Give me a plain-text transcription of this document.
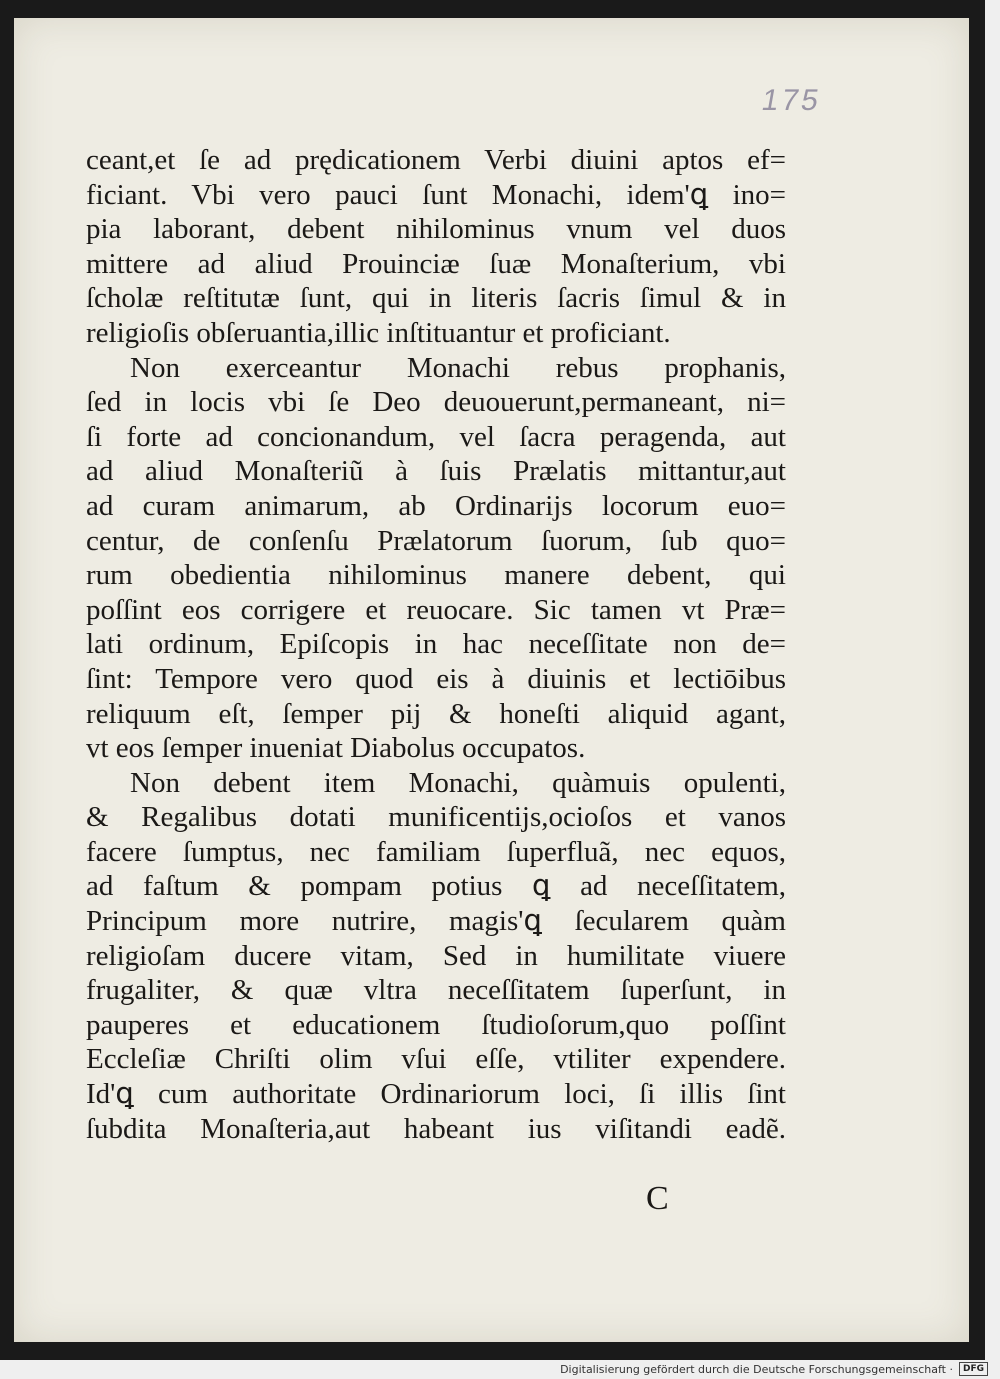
175
ceant,et ſe ad prędicationem Verbi diuini aptos ef=
ficiant. Vbi vero pauci ſunt Monachi, idem'ꝗ ino=
pia laborant, debent nihilominus vnum vel duos
mittere ad aliud Prouinciæ ſuæ Monaſterium, vbi
ſcholæ reſtitutæ ſunt, qui in literis ſacris ſimul & in
religioſis obſeruantia,illic inſtituantur et proficiant.
Non exerceantur Monachi rebus prophanis,
ſed in locis vbi ſe Deo deuouerunt,permaneant, ni=
ſi forte ad concionandum, vel ſacra peragenda, aut
ad aliud Monaſteriũ à ſuis Prælatis mittantur,aut
ad curam animarum, ab Ordinarijs locorum euo=
centur, de conſenſu Prælatorum ſuorum, ſub quo=
rum obedientia nihilominus manere debent, qui
poſſint eos corrigere et reuocare. Sic tamen vt Præ=
lati ordinum, Epiſcopis in hac neceſſitate non de=
ſint: Tempore vero quod eis à diuinis et lectiōibus
reliquum eſt, ſemper pij & honeſti aliquid agant,
vt eos ſemper inueniat Diabolus occupatos.
Non debent item Monachi, quàmuis opulenti,
& Regalibus dotati munificentijs,ocioſos et vanos
facere ſumptus, nec familiam ſuperfluã, nec equos,
ad faſtum & pompam potius ꝗ ad neceſſitatem,
Principum more nutrire, magis'ꝗ ſecularem quàm
religioſam ducere vitam, Sed in humilitate viuere
frugaliter, & quæ vltra neceſſitatem ſuperſunt, in
pauperes et educationem ſtudioſorum,quo poſſint
Eccleſiæ Chriſti olim vſui eſſe, vtiliter expendere.
Id'ꝗ cum authoritate Ordinariorum loci, ſi illis ſint
ſubdita Monaſteria,aut habeant ius viſitandi eadẽ.
C
Digitalisierung gefördert durch die Deutsche Forschungsgemeinschaft ·	DFG
